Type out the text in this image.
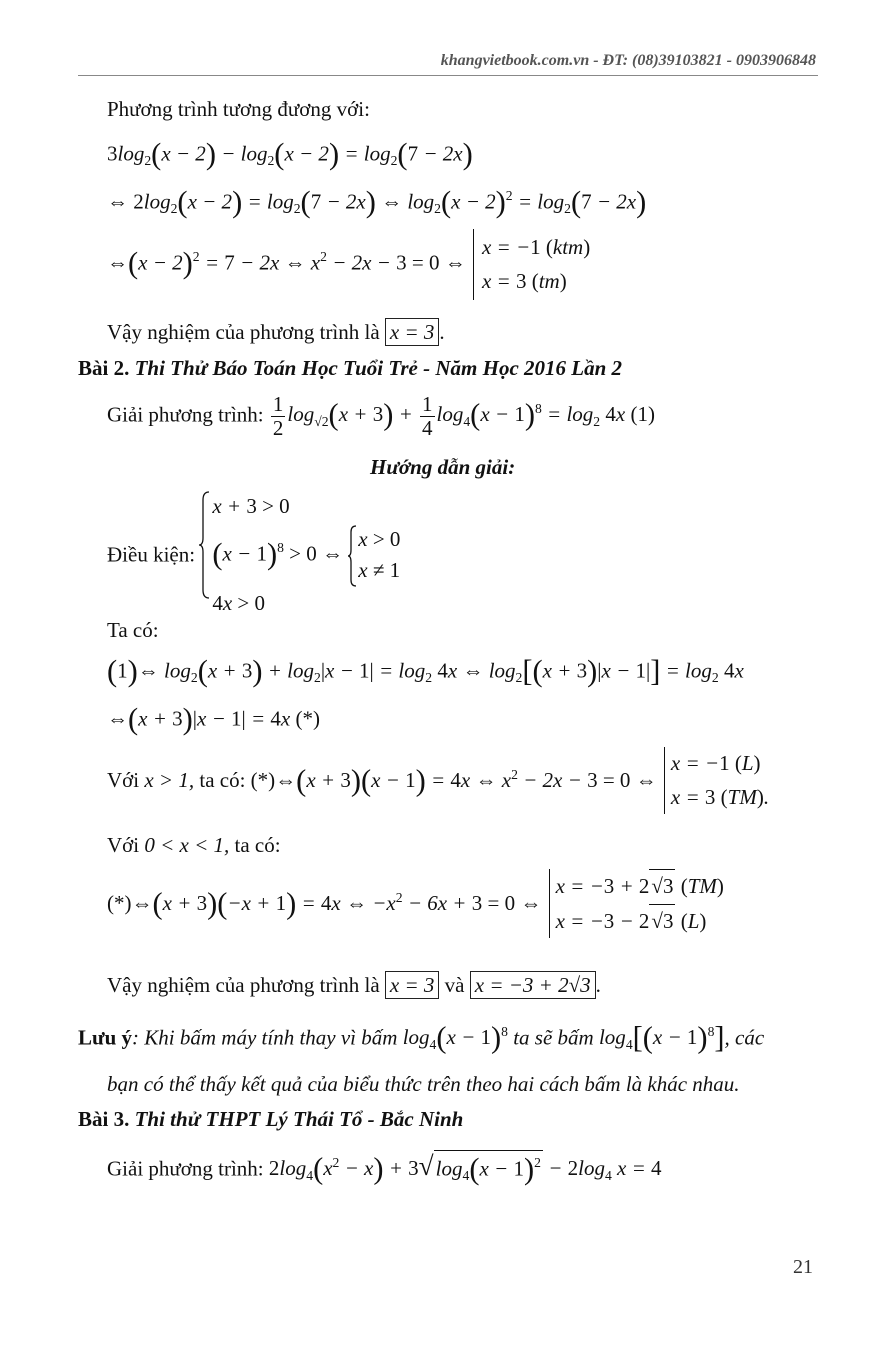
khangvietbook.com.vn - ĐT: (08)39103821 - 0903906848
Phương trình tương đương với:
$3\log_2(x - 2) - \log_2(x - 2) = \log_2(7 - 2x)$
⇔ $2\log_2(x - 2) = \log_2(7 - 2x)$ ⇔ $\log_2(x - 2)^2 = \log_2(7 - 2x)$
⇔(x − 2)$^2$ = 7 − 2x ⇔ $x^2 - 2x - 3 = 0$ ⇔
x = −1 (ktm)
x = 3 (tm)
Vậy nghiệm của phương trình là x = 3 .
Bài 2. Thi Thử Báo Toán Học Tuổi Trẻ - Năm Học 2016 Lần 2
Giải phương trình: $\frac{1}{2} \log_{√2}(x + 3) + \frac{1}{4} \log_4(x - 1)^8 = \log_2 4x$ (1)
Hướng dẫn giải:
Điều kiện:
x + 3 > 0
$(x - 1)^8 > 0$ ⇔
x > 0
x ≠ 1
4x > 0
Ta có:
(1)⇔ $\log_2(x + 3) + \log_2|x - 1| = \log_2 4x$ ⇔ $\log_2[(x + 3)|x - 1|] = \log_2 4x$
⇔(x + 3)|x − 1| = 4x (*)
Với x > 1, ta có: (*)⇔(x + 3)(x − 1) = 4x ⇔ $x^2 - 2x - 3 = 0$ ⇔
x = −1 (L)
x = 3 (TM).
Với 0 < x < 1, ta có:
(*)⇔(x + 3)(−x + 1) = 4x ⇔ $-x^2 - 6x + 3 = 0$ ⇔
x = −3 + 2√3 (TM)
x = −3 − 2√3 (L)
Vậy nghiệm của phương trình là x = 3 và x = −3 + 2√3 .
Lưu ý: Khi bấm máy tính thay vì bấm $\log_4(x - 1)^8$ ta sẽ bấm $\log_4[(x - 1)^8]$, các
bạn có thể thấy kết quả của biểu thức trên theo hai cách bấm là khác nhau.
Bài 3. Thi thử THPT Lý Thái Tổ - Bắc Ninh
Giải phương trình: $2\log_4(x^2 - x) + 3√\log_4(x - 1)^2 - 2\log_4$ x = 4
21
